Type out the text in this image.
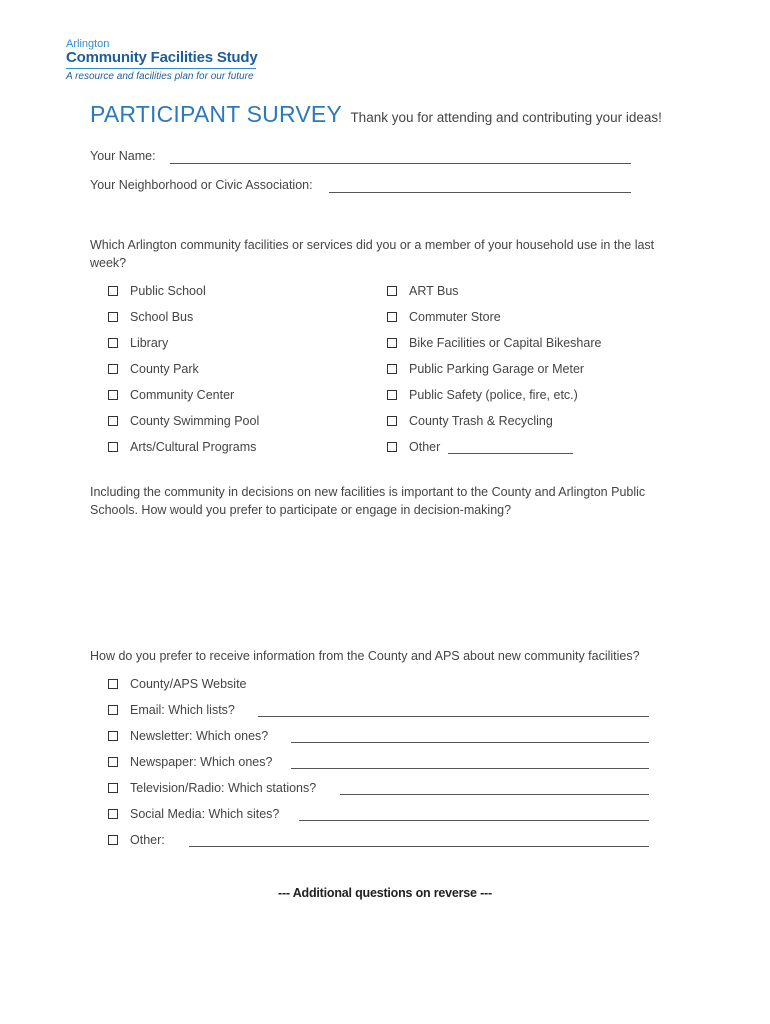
Arlington
Community Facilities Study
A resource and facilities plan for our future
PARTICIPANT SURVEY Thank you for attending and contributing your ideas!
Your Name:
Your Neighborhood or Civic Association:
Which Arlington community facilities or services did you or a member of your household use in the last week?
Public School
School Bus
Library
County Park
Community Center
County Swimming Pool
Arts/Cultural Programs
ART Bus
Commuter Store
Bike Facilities or Capital Bikeshare
Public Parking Garage or Meter
Public Safety (police, fire, etc.)
County Trash & Recycling
Other
Including the community in decisions on new facilities is important to the County and Arlington Public Schools. How would you prefer to participate or engage in decision-making?
How do you prefer to receive information from the County and APS about new community facilities?
County/APS Website
Email: Which lists?
Newsletter: Which ones?
Newspaper: Which ones?
Television/Radio: Which stations?
Social Media: Which sites?
Other:
--- Additional questions on reverse ---
